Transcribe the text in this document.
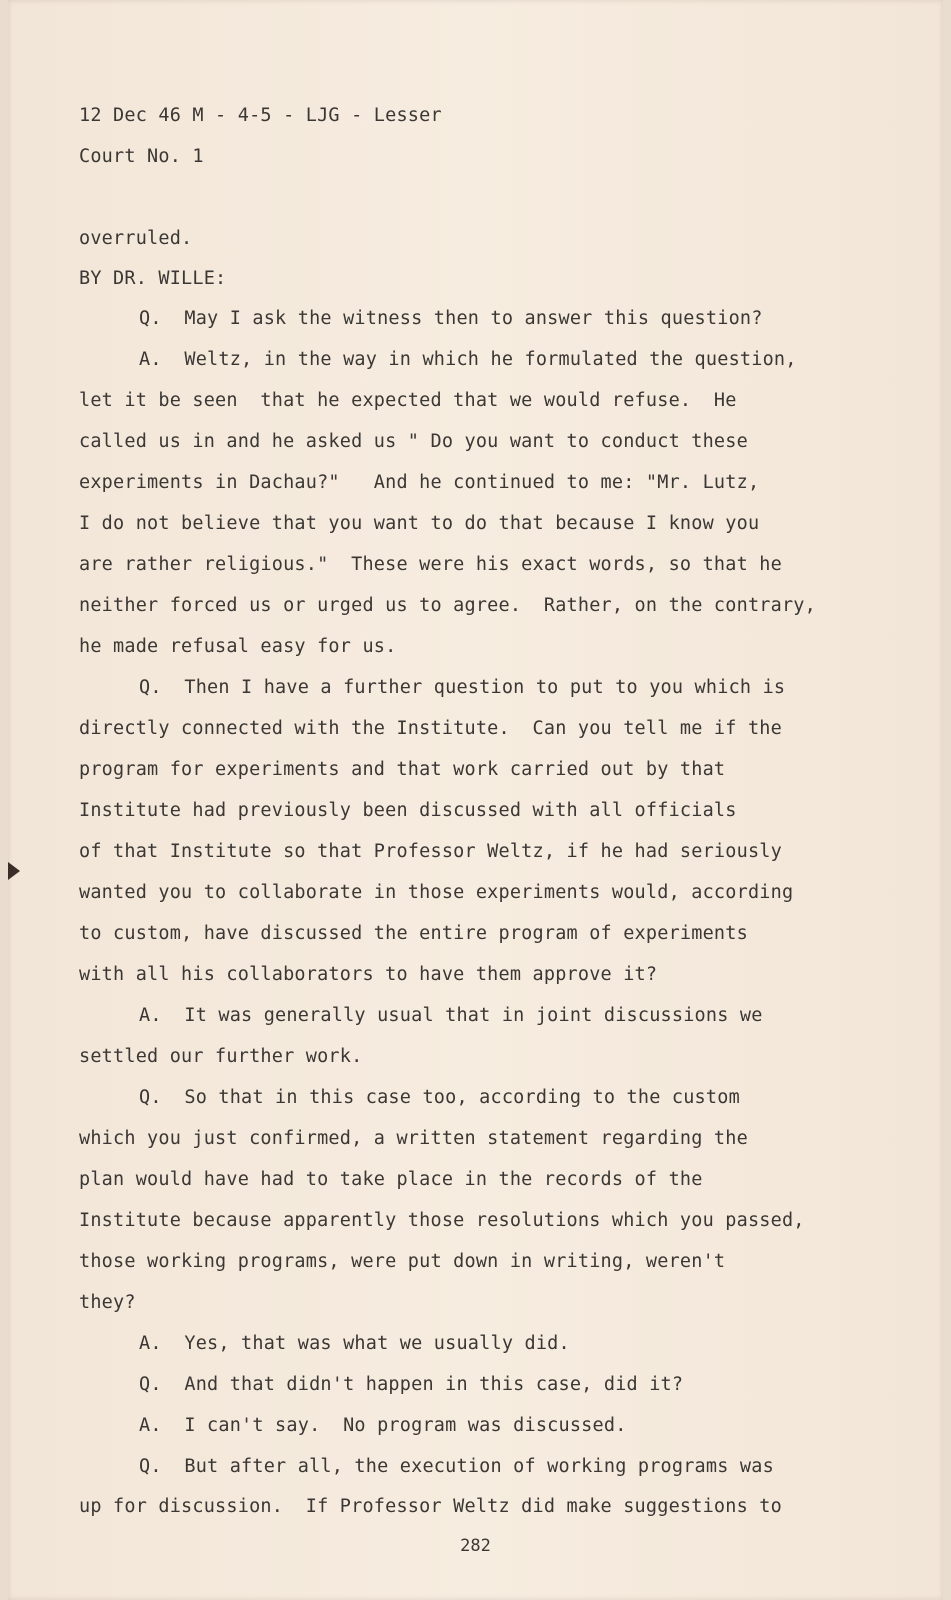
12 Dec 46 M - 4-5 - LJG - Lesser
Court No. 1
overruled.
BY DR. WILLE:
Q.  May I ask the witness then to answer this question?
A.  Weltz, in the way in which he formulated the question,
let it be seen  that he expected that we would refuse.  He
called us in and he asked us " Do you want to conduct these
experiments in Dachau?"   And he continued to me: "Mr. Lutz,
I do not believe that you want to do that because I know you
are rather religious."  These were his exact words, so that he
neither forced us or urged us to agree.  Rather, on the contrary,
he made refusal easy for us.
Q.  Then I have a further question to put to you which is
directly connected with the Institute.  Can you tell me if the
program for experiments and that work carried out by that
Institute had previously been discussed with all officials
of that Institute so that Professor Weltz, if he had seriously
wanted you to collaborate in those experiments would, according
to custom, have discussed the entire program of experiments
with all his collaborators to have them approve it?
A.  It was generally usual that in joint discussions we
settled our further work.
Q.  So that in this case too, according to the custom
which you just confirmed, a written statement regarding the
plan would have had to take place in the records of the
Institute because apparently those resolutions which you passed,
those working programs, were put down in writing, weren't
they?
A.  Yes, that was what we usually did.
Q.  And that didn't happen in this case, did it?
A.  I can't say.  No program was discussed.
Q.  But after all, the execution of working programs was
up for discussion.  If Professor Weltz did make suggestions to
282
